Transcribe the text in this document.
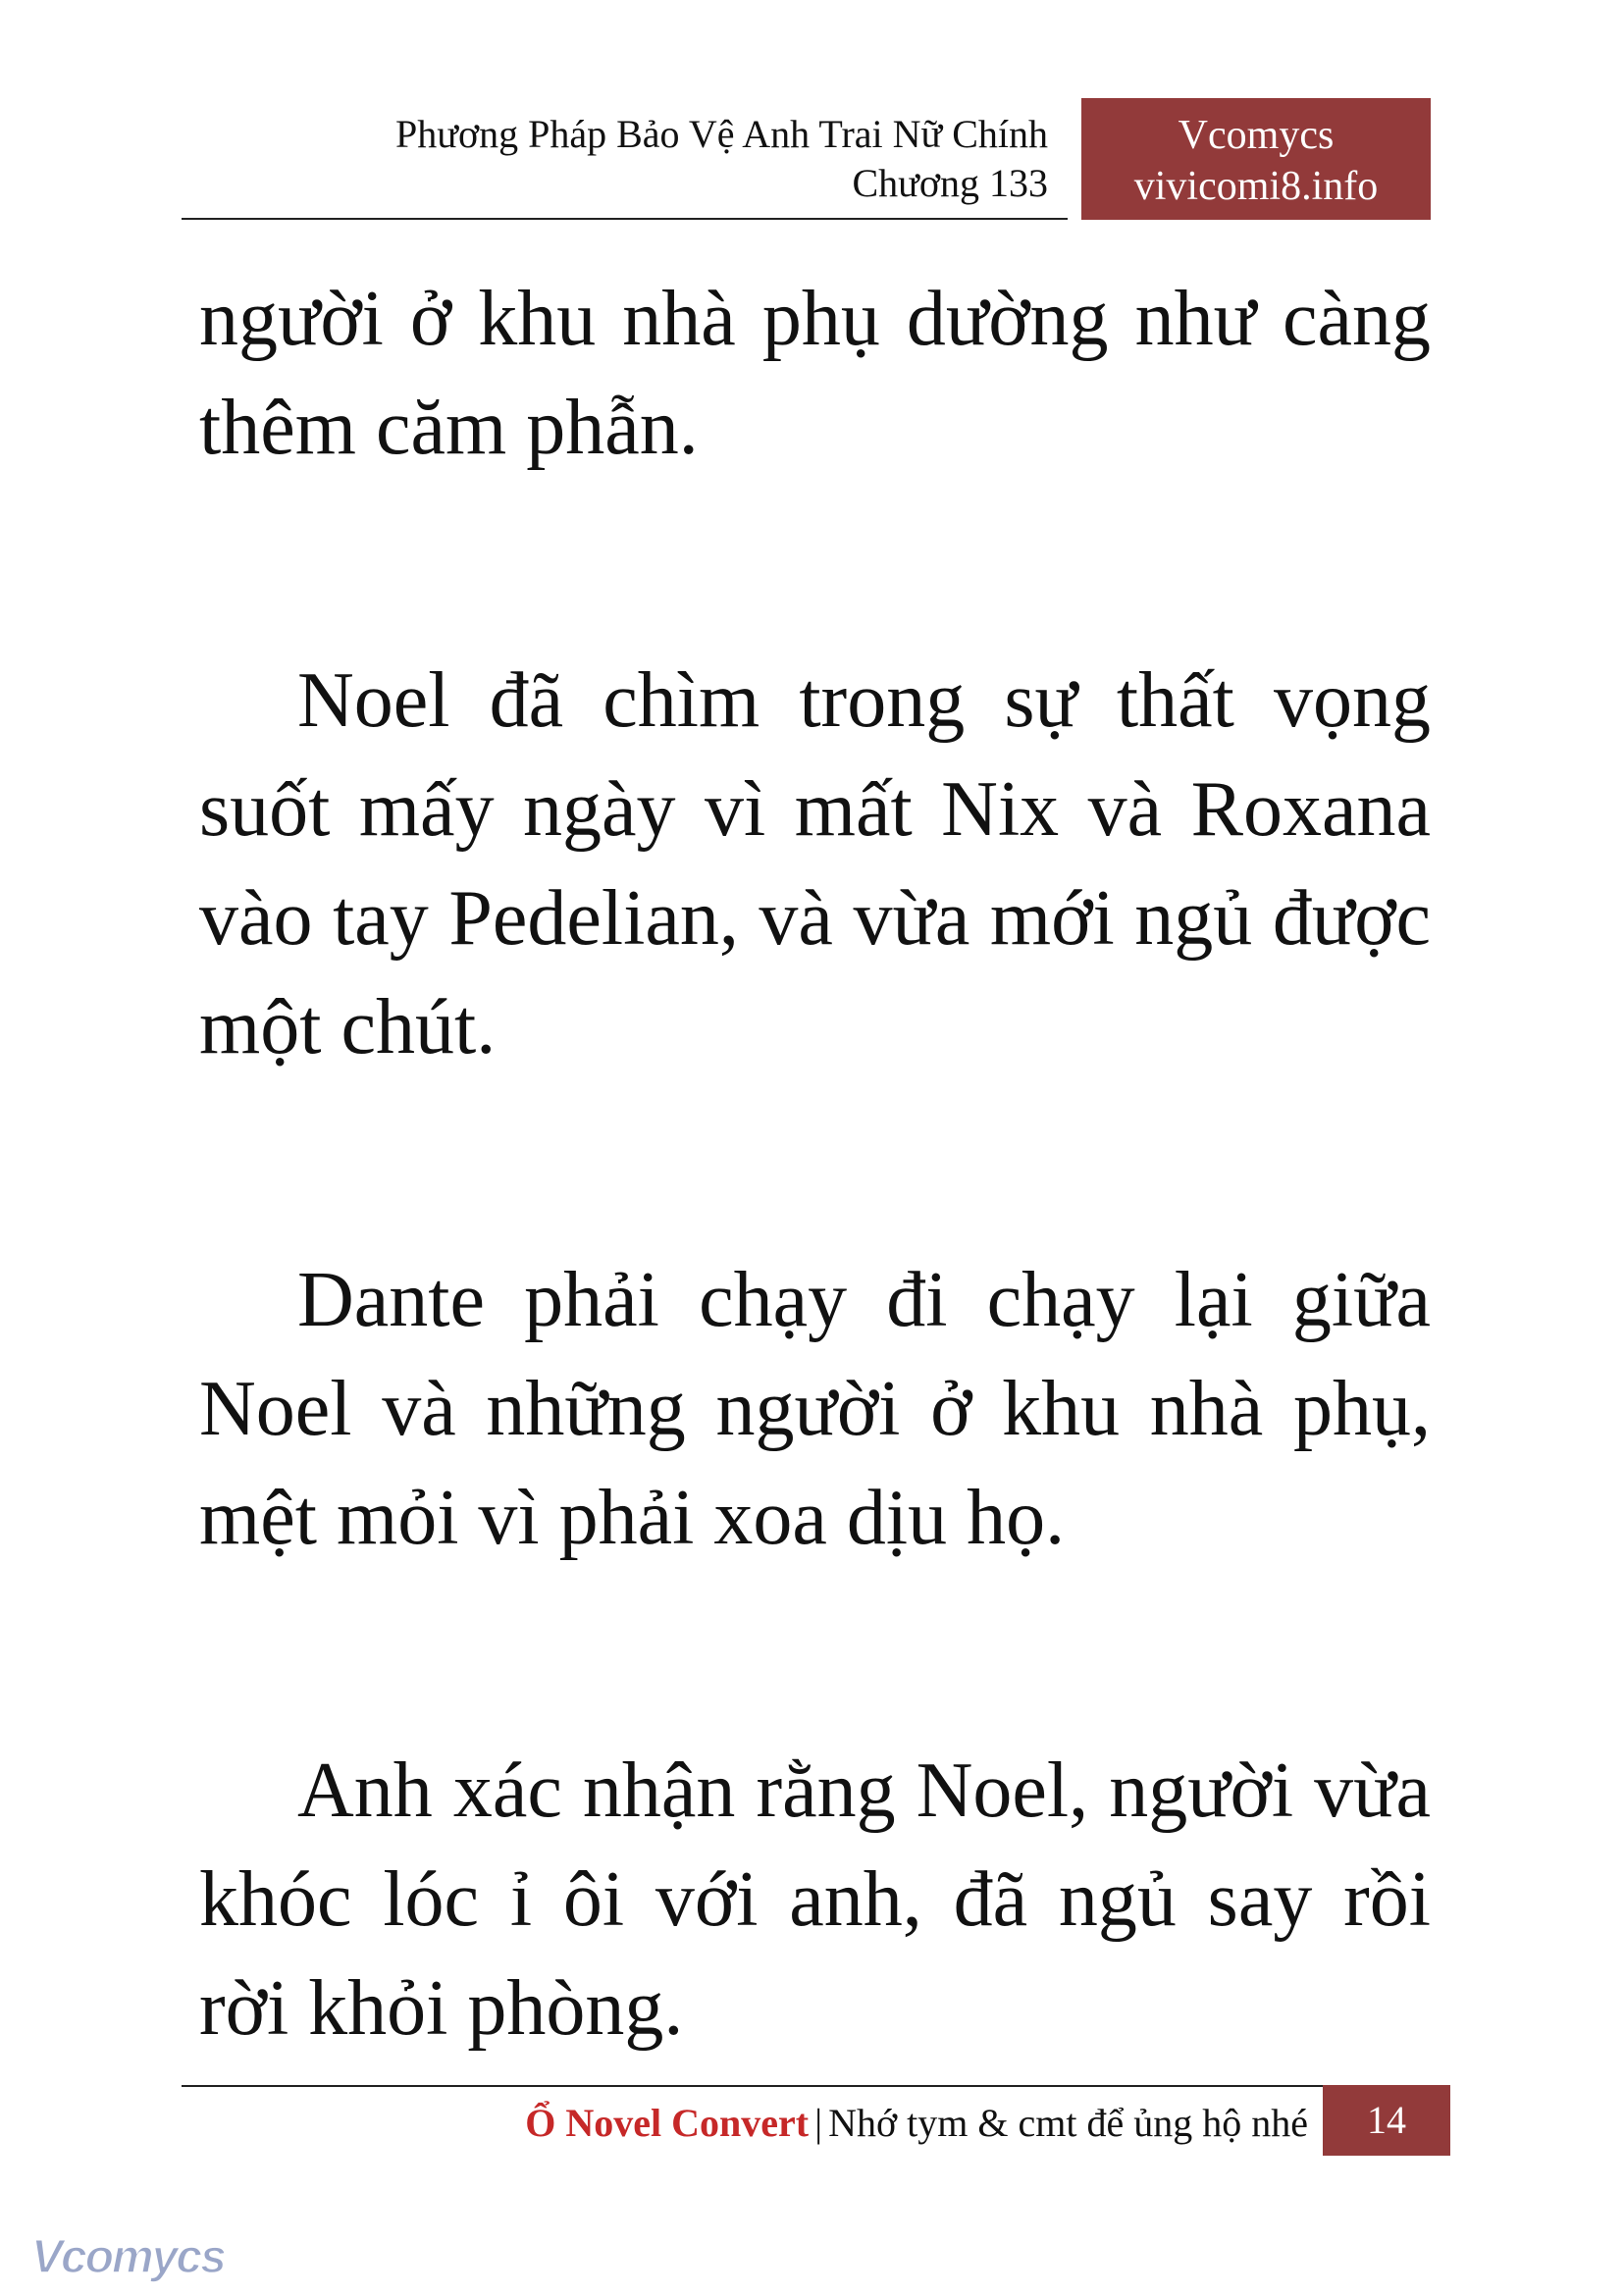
Phương Pháp Bảo Vệ Anh Trai Nữ Chính
Chương 133
Vcomycs
vivicomi8.info

người ở khu nhà phụ dường như càng thêm căm phẫn.

Noel đã chìm trong sự thất vọng suốt mấy ngày vì mất Nix và Roxana vào tay Pedelian, và vừa mới ngủ được một chút.

Dante phải chạy đi chạy lại giữa Noel và những người ở khu nhà phụ, mệt mỏi vì phải xoa dịu họ.

Anh xác nhận rằng Noel, người vừa khóc lóc ỉ ôi với anh, đã ngủ say rồi rời khỏi phòng.

Ổ Novel Convert | Nhớ tym & cmt để ủng hộ nhé	14
Vcomycs
